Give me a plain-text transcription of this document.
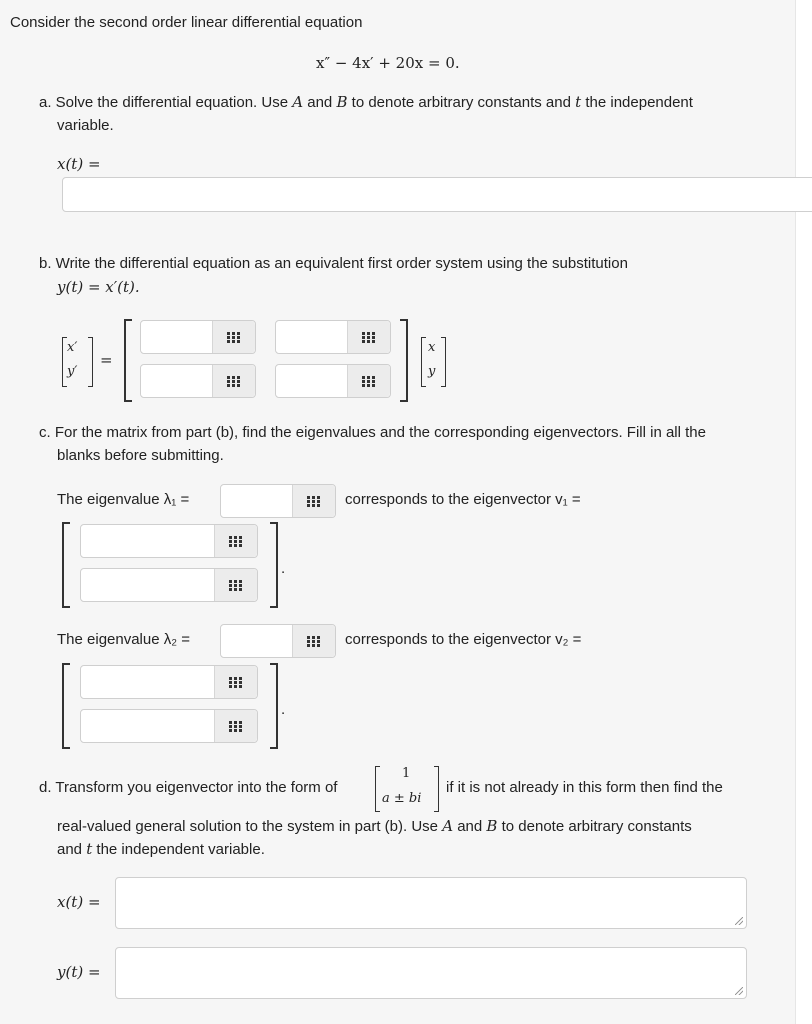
Consider the second order linear differential equation
x″ − 4x′ + 20x = 0.
a. Solve the differential equation. Use A and B to denote arbitrary constants and t the independent
variable.
x(t) =
b. Write the differential equation as an equivalent first order system using the substitution
y(t) = x′(t).
x′
y′
=
x
y
c. For the matrix from part (b), find the eigenvalues and the corresponding eigenvectors. Fill in all the
blanks before submitting.
The eigenvalue λ₁ =	corresponds to the eigenvector v₁ =
.
The eigenvalue λ₂ =	corresponds to the eigenvector v₂ =
.
d. Transform you eigenvector into the form of
1
a ± bi
if it is not already in this form then find the
real-valued general solution to the system in part (b). Use A and B to denote arbitrary constants
and t the independent variable.
x(t) =
y(t) =
